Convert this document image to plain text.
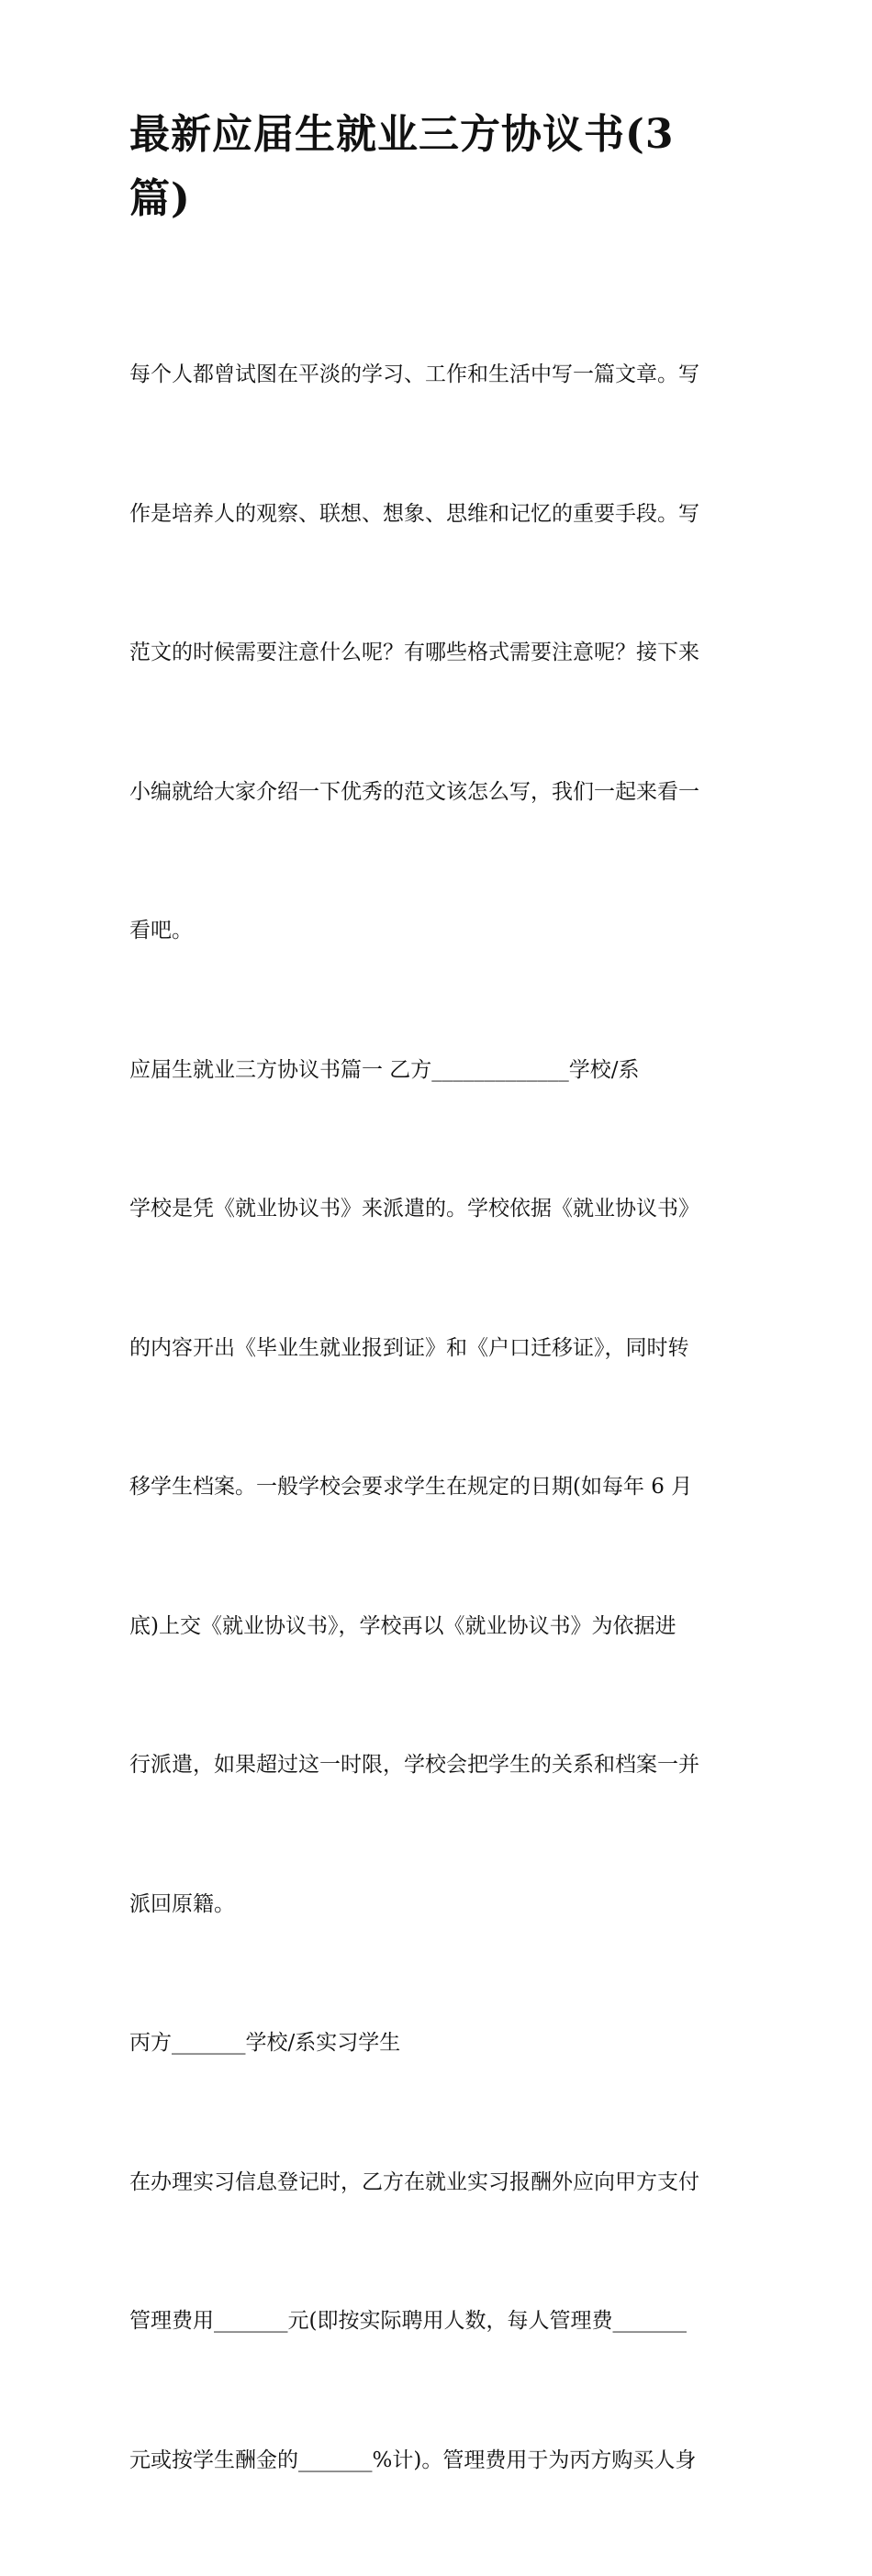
最新应届生就业三方协议书(3
篇)

每个人都曾试图在平淡的学习、工作和生活中写一篇文章。写

作是培养人的观察、联想、想象、思维和记忆的重要手段。写

范文的时候需要注意什么呢？有哪些格式需要注意呢？接下来

小编就给大家介绍一下优秀的范文该怎么写，我们一起来看一

看吧。

应届生就业三方协议书篇一 乙方_____________学校/系

学校是凭《就业协议书》来派遣的。学校依据《就业协议书》

的内容开出《毕业生就业报到证》和《户口迁移证》，同时转

移学生档案。一般学校会要求学生在规定的日期(如每年 6 月

底)上交《就业协议书》，学校再以《就业协议书》为依据进

行派遣，如果超过这一时限，学校会把学生的关系和档案一并

派回原籍。

丙方_______学校/系实习学生

在办理实习信息登记时，乙方在就业实习报酬外应向甲方支付

管理费用_______元(即按实际聘用人数，每人管理费_______

元或按学生酬金的_______%计)。管理费用于为丙方购买人身
